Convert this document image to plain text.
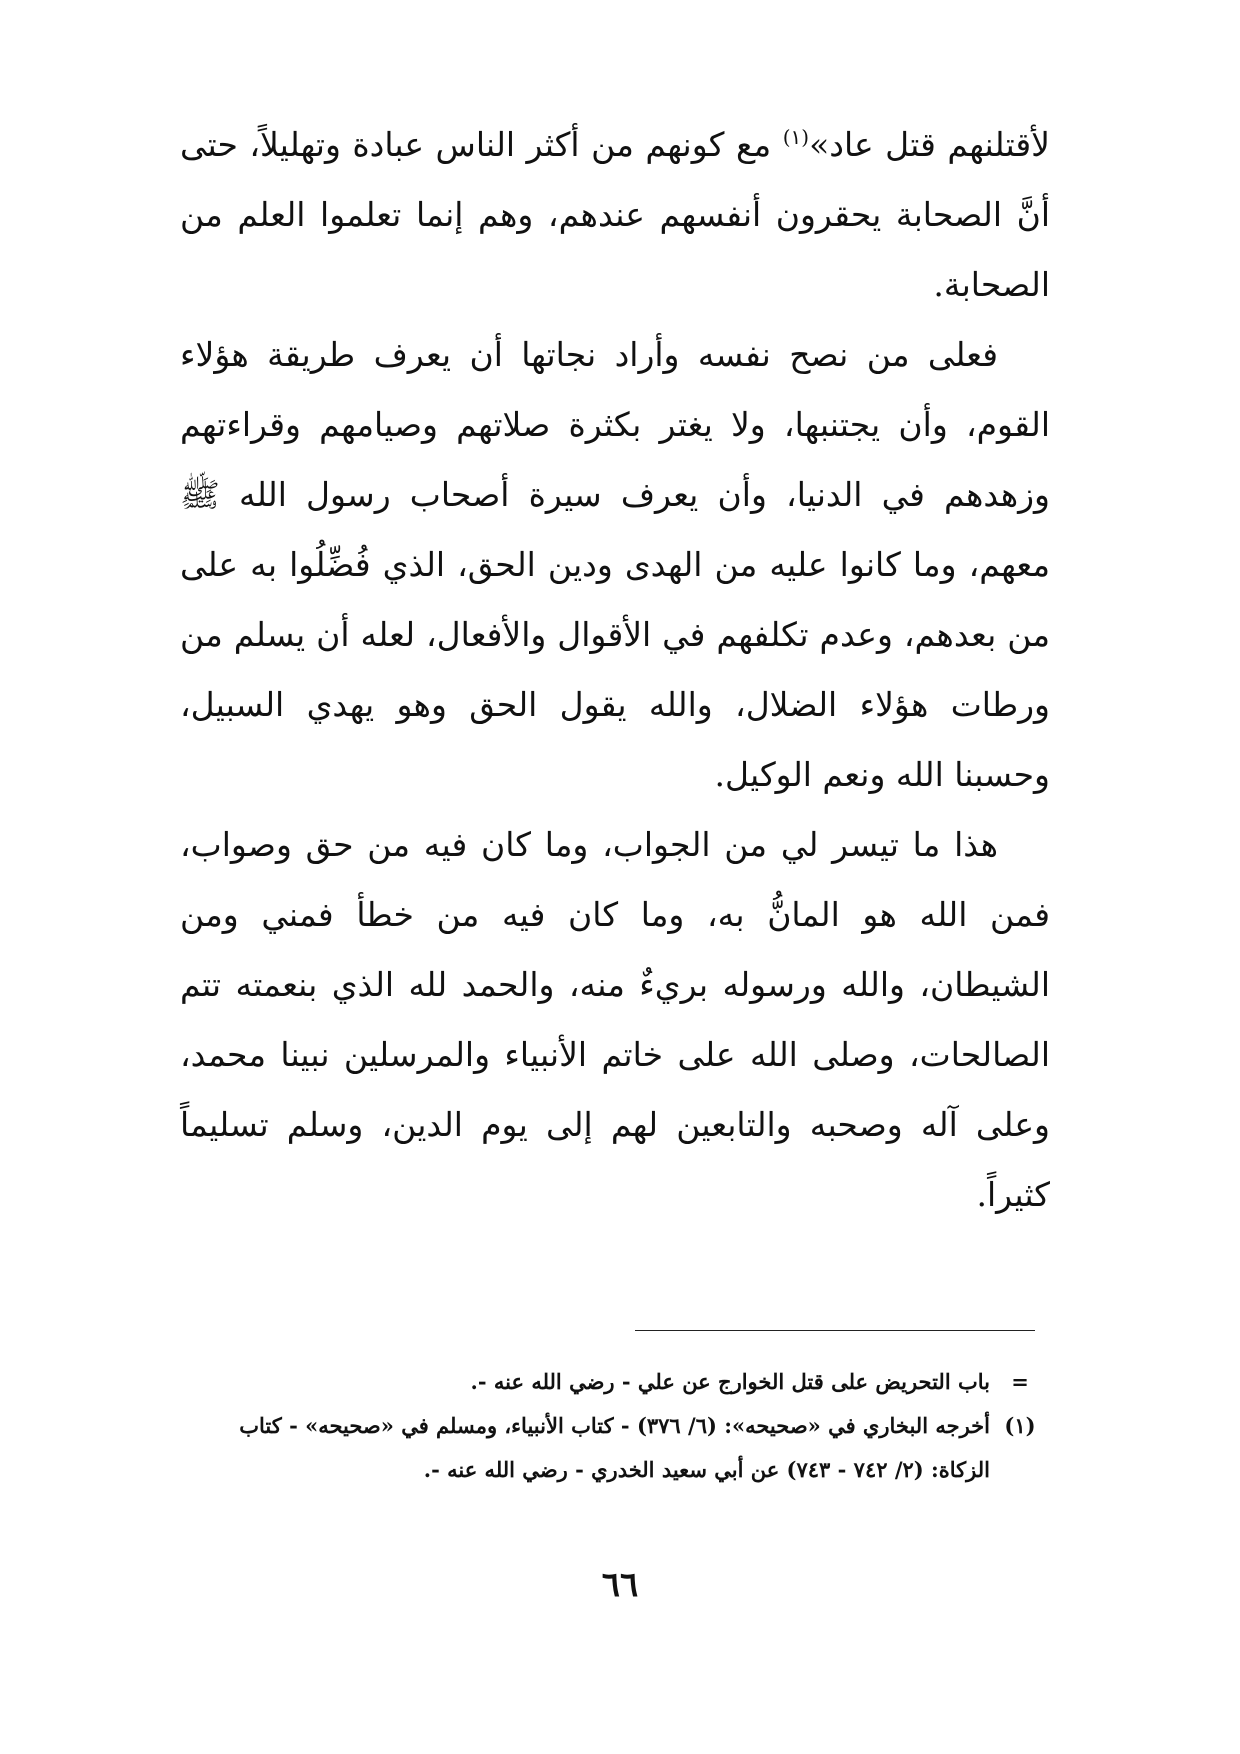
لأقتلنهم قتل عاد»$^{(١)}$ مع كونهم من أكثر الناس عبادة وتهليلاً، حتى أنَّ الصحابة يحقرون أنفسهم عندهم، وهم إنما تعلموا العلم من الصحابة.

فعلى من نصح نفسه وأراد نجاتها أن يعرف طريقة هؤلاء القوم، وأن يجتنبها، ولا يغتر بكثرة صلاتهم وصيامهم وقراءتهم وزهدهم في الدنيا، وأن يعرف سيرة أصحاب رسول الله ﷺ معهم، وما كانوا عليه من الهدى ودين الحق، الذي فُضِّلُوا به على من بعدهم، وعدم تكلفهم في الأقوال والأفعال، لعله أن يسلم من ورطات هؤلاء الضلال، والله يقول الحق وهو يهدي السبيل، وحسبنا الله ونعم الوكيل.

هذا ما تيسر لي من الجواب، وما كان فيه من حق وصواب، فمن الله هو المانُّ به، وما كان فيه من خطأ فمني ومن الشيطان، والله ورسوله بريءٌ منه، والحمد لله الذي بنعمته تتم الصالحات، وصلى الله على خاتم الأنبياء والمرسلين نبينا محمد، وعلى آله وصحبه والتابعين لهم إلى يوم الدين، وسلم تسليماً كثيراً.

=
باب التحريض على قتل الخوارج عن علي - رضي الله عنه -.
(١)
أخرجه البخاري في «صحيحه»: (٦/ ٣٧٦) - كتاب الأنبياء، ومسلم في «صحيحه» - كتاب الزكاة: (٢/ ٧٤٢ - ٧٤٣) عن أبي سعيد الخدري - رضي الله عنه -.
٦٦
